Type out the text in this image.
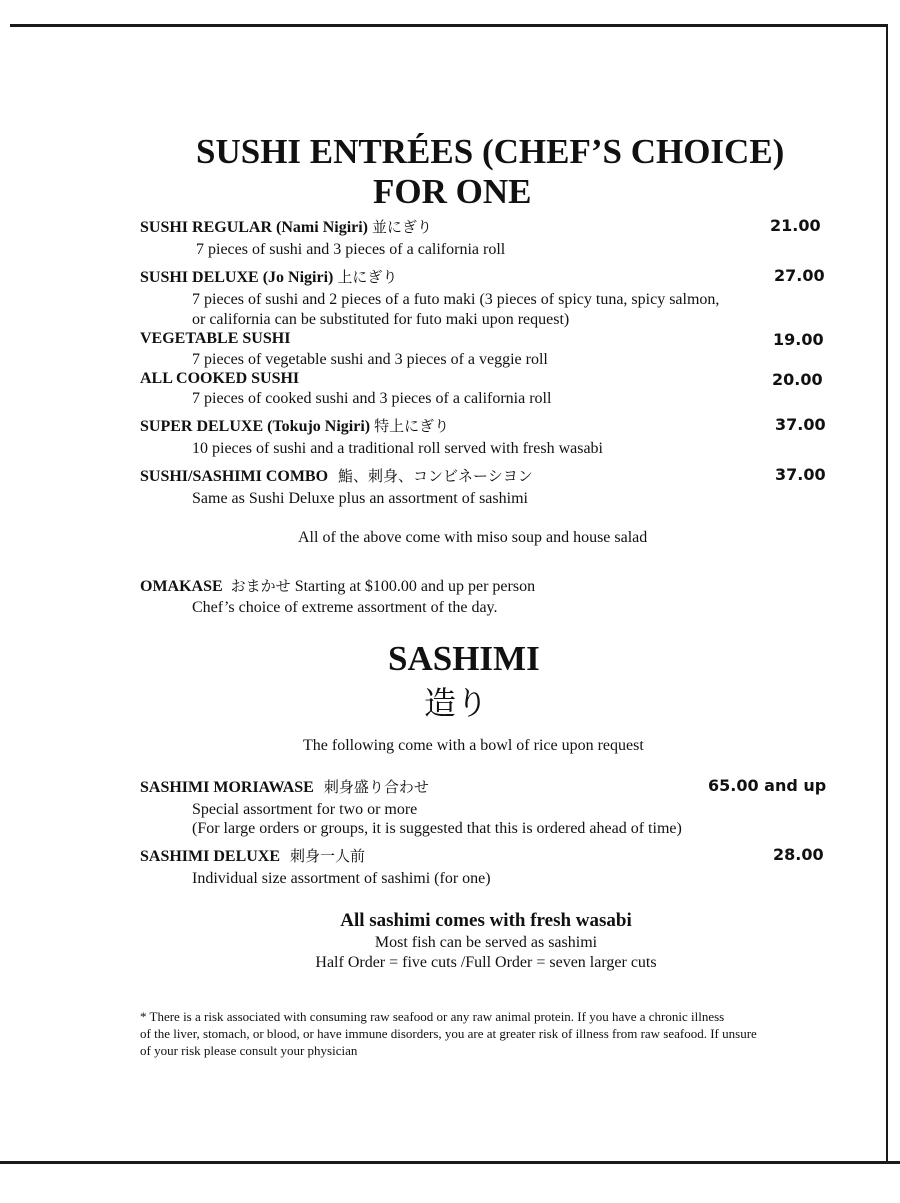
SUSHI ENTRÉES (CHEF’S CHOICE)
FOR ONE
SUSHI REGULAR (Nami Nigiri) 並にぎり	21.00
7 pieces of sushi and 3 pieces of a california roll
SUSHI DELUXE (Jo Nigiri) 上にぎり	27.00
7 pieces of sushi and 2 pieces of a futo maki (3 pieces of spicy tuna, spicy salmon,
or california can be substituted for futo maki upon request)
VEGETABLE SUSHI	19.00
7 pieces of vegetable sushi and 3 pieces of a veggie roll
ALL COOKED SUSHI	20.00
7 pieces of cooked sushi and 3 pieces of a california roll
SUPER DELUXE (Tokujo Nigiri) 特上にぎり	37.00
10 pieces of sushi and a traditional roll served with fresh wasabi
SUSHI/SASHIMI COMBO 鮨、刺身、コンビネーシヨン	37.00
Same as Sushi Deluxe plus an assortment of sashimi
All of the above come with miso soup and house salad
OMAKASE おまかせ Starting at $100.00 and up per person
Chef’s choice of extreme assortment of the day.
SASHIMI
造り
The following come with a bowl of rice upon request
SASHIMI MORIAWASE 刺身盛り合わせ	65.00 and up
Special assortment for two or more
(For large orders or groups, it is suggested that this is ordered ahead of time)
SASHIMI DELUXE 刺身一人前	28.00
Individual size assortment of sashimi (for one)
All sashimi comes with fresh wasabi
Most fish can be served as sashimi
Half Order = five cuts /Full Order = seven larger cuts
* There is a risk associated with consuming raw seafood or any raw animal protein. If you have a chronic illness
of the liver, stomach, or blood, or have immune disorders, you are at greater risk of illness from raw seafood. If unsure
of your risk please consult your physician
